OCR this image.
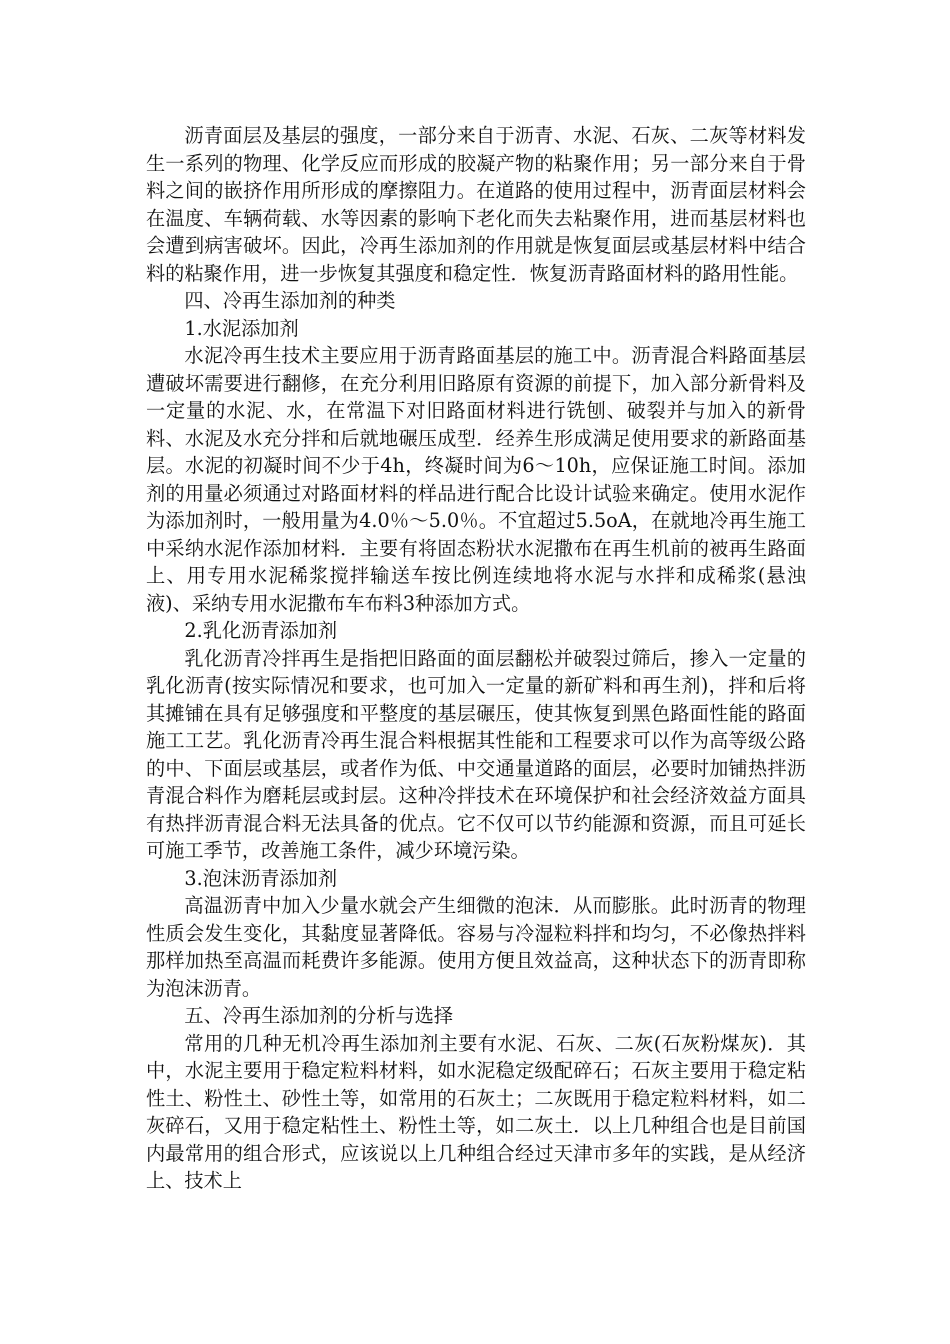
沥青面层及基层的强度，一部分来自于沥青、水泥、石灰、二灰等材料发生一系列的物理、化学反应而形成的胶凝产物的粘聚作用；另一部分来自于骨料之间的嵌挤作用所形成的摩擦阻力。在道路的使用过程中，沥青面层材料会在温度、车辆荷载、水等因素的影响下老化而失去粘聚作用，进而基层材料也会遭到病害破坏。因此，冷再生添加剂的作用就是恢复面层或基层材料中结合料的粘聚作用，进一步恢复其强度和稳定性．恢复沥青路面材料的路用性能。

四、冷再生添加剂的种类

1.水泥添加剂

水泥冷再生技术主要应用于沥青路面基层的施工中。沥青混合料路面基层遭破坏需要进行翻修，在充分利用旧路原有资源的前提下，加入部分新骨料及一定量的水泥、水，在常温下对旧路面材料进行铣刨、破裂并与加入的新骨料、水泥及水充分拌和后就地碾压成型．经养生形成满足使用要求的新路面基层。水泥的初凝时间不少于4h，终凝时间为6～10h，应保证施工时间。添加剂的用量必须通过对路面材料的样品进行配合比设计试验来确定。使用水泥作为添加剂时，一般用量为4.0％～5.0％。不宜超过5.5oA，在就地冷再生施工中采纳水泥作添加材料．主要有将固态粉状水泥撒布在再生机前的被再生路面上、用专用水泥稀浆搅拌输送车按比例连续地将水泥与水拌和成稀浆(悬浊液)、采纳专用水泥撒布车布料3种添加方式。

2.乳化沥青添加剂

乳化沥青冷拌再生是指把旧路面的面层翻松并破裂过筛后，掺入一定量的乳化沥青(按实际情况和要求，也可加入一定量的新矿料和再生剂)，拌和后将其摊铺在具有足够强度和平整度的基层碾压，使其恢复到黑色路面性能的路面施工工艺。乳化沥青冷再生混合料根据其性能和工程要求可以作为高等级公路的中、下面层或基层，或者作为低、中交通量道路的面层，必要时加铺热拌沥青混合料作为磨耗层或封层。这种冷拌技术在环境保护和社会经济效益方面具有热拌沥青混合料无法具备的优点。它不仅可以节约能源和资源，而且可延长可施工季节，改善施工条件，减少环境污染。

3.泡沫沥青添加剂

高温沥青中加入少量水就会产生细微的泡沫．从而膨胀。此时沥青的物理性质会发生变化，其黏度显著降低。容易与冷湿粒料拌和均匀，不必像热拌料那样加热至高温而耗费许多能源。使用方便且效益高，这种状态下的沥青即称为泡沫沥青。

五、冷再生添加剂的分析与选择

常用的几种无机冷再生添加剂主要有水泥、石灰、二灰(石灰粉煤灰)．其中，水泥主要用于稳定粒料材料，如水泥稳定级配碎石；石灰主要用于稳定粘性土、粉性土、砂性土等，如常用的石灰土；二灰既用于稳定粒料材料，如二灰碎石，又用于稳定粘性土、粉性土等，如二灰土．以上几种组合也是目前国内最常用的组合形式，应该说以上几种组合经过天津市多年的实践，是从经济上、技术上
